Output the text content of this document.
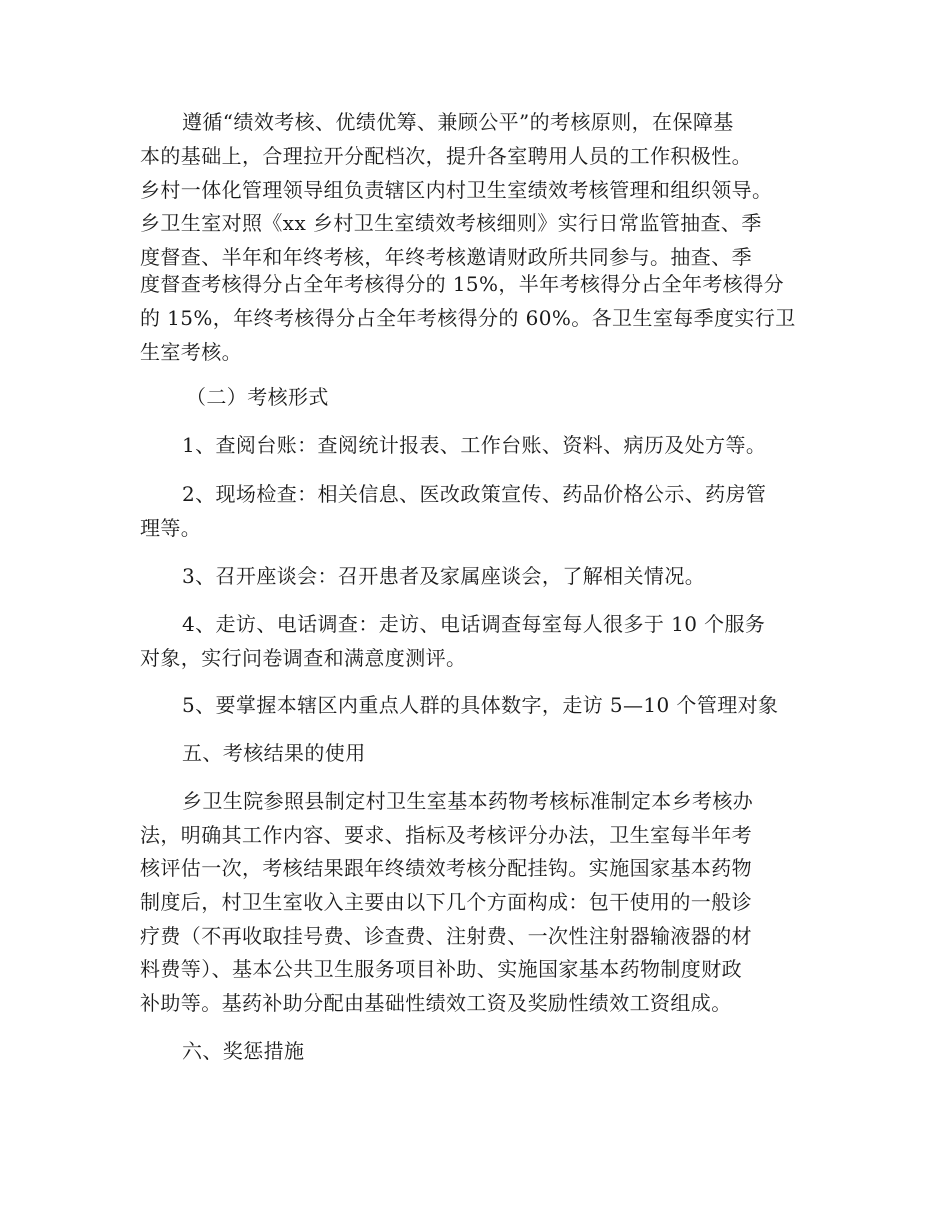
遵循“绩效考核、优绩优筹、兼顾公平”的考核原则，在保障基
本的基础上，合理拉开分配档次，提升各室聘用人员的工作积极性。
乡村一体化管理领导组负责辖区内村卫生室绩效考核管理和组织领导。
乡卫生室对照《xx 乡村卫生室绩效考核细则》实行日常监管抽查、季
度督查、半年和年终考核，年终考核邀请财政所共同参与。抽查、季
度督查考核得分占全年考核得分的 15%，半年考核得分占全年考核得分
的 15%，年终考核得分占全年考核得分的 60%。各卫生室每季度实行卫
生室考核。
（二）考核形式
1、查阅台账：查阅统计报表、工作台账、资料、病历及处方等。
2、现场检查：相关信息、医改政策宣传、药品价格公示、药房管
理等。
3、召开座谈会：召开患者及家属座谈会，了解相关情况。
4、走访、电话调查：走访、电话调查每室每人很多于 10 个服务
对象，实行问卷调查和满意度测评。
5、要掌握本辖区内重点人群的具体数字，走访 5—10 个管理对象
五、考核结果的使用
乡卫生院参照县制定村卫生室基本药物考核标准制定本乡考核办
法，明确其工作内容、要求、指标及考核评分办法，卫生室每半年考
核评估一次，考核结果跟年终绩效考核分配挂钩。实施国家基本药物
制度后，村卫生室收入主要由以下几个方面构成：包干使用的一般诊
疗费（不再收取挂号费、诊查费、注射费、一次性注射器输液器的材
料费等）、基本公共卫生服务项目补助、实施国家基本药物制度财政
补助等。基药补助分配由基础性绩效工资及奖励性绩效工资组成。
六、奖惩措施
